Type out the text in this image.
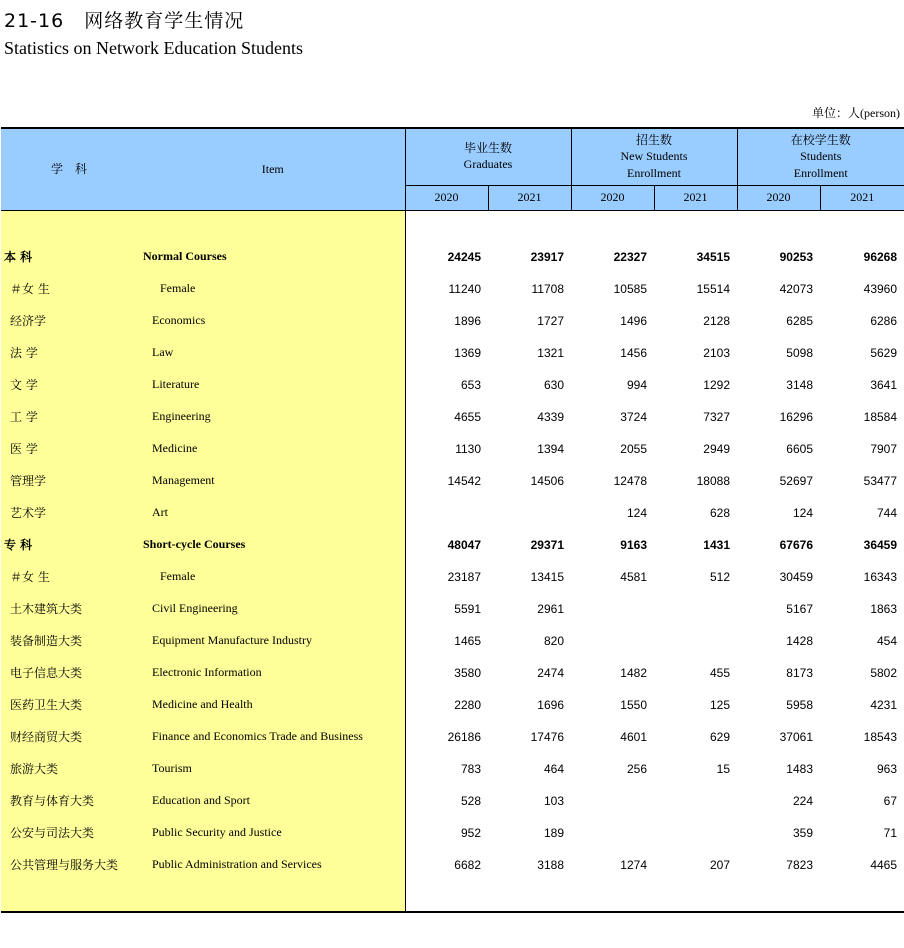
21-16　网络教育学生情况
Statistics on Network Education Students
单位：人(person)
学　科	Item	毕业生数
Graduates		招生数
New Students
Enrollment		在校学生数
Students
Enrollment	

		2020	2021	2020	2021	2020	2021

本 科	Normal Courses	24245	23917	22327	34515	90253	96268
＃女 生	Female	11240	11708	10585	15514	42073	43960
经济学	Economics	1896	1727	1496	2128	6285	6286
法 学	Law	1369	1321	1456	2103	5098	5629
文 学	Literature	653	630	994	1292	3148	3641
工 学	Engineering	4655	4339	3724	7327	16296	18584
医 学	Medicine	1130	1394	2055	2949	6605	7907
管理学	Management	14542	14506	12478	18088	52697	53477
艺术学	Art			124	628	124	744
专 科	Short-cycle Courses	48047	29371	9163	1431	67676	36459
＃女 生	Female	23187	13415	4581	512	30459	16343
土木建筑大类	Civil Engineering	5591	2961			5167	1863
装备制造大类	Equipment Manufacture Industry	1465	820			1428	454
电子信息大类	Electronic Information	3580	2474	1482	455	8173	5802
医药卫生大类	Medicine and Health	2280	1696	1550	125	5958	4231
财经商贸大类	Finance and Economics Trade and Business	26186	17476	4601	629	37061	18543
旅游大类	Tourism	783	464	256	15	1483	963
教育与体育大类	Education and Sport	528	103			224	67
公安与司法大类	Public Security and Justice	952	189			359	71
公共管理与服务大类	Public Administration and Services	6682	3188	1274	207	7823	4465
